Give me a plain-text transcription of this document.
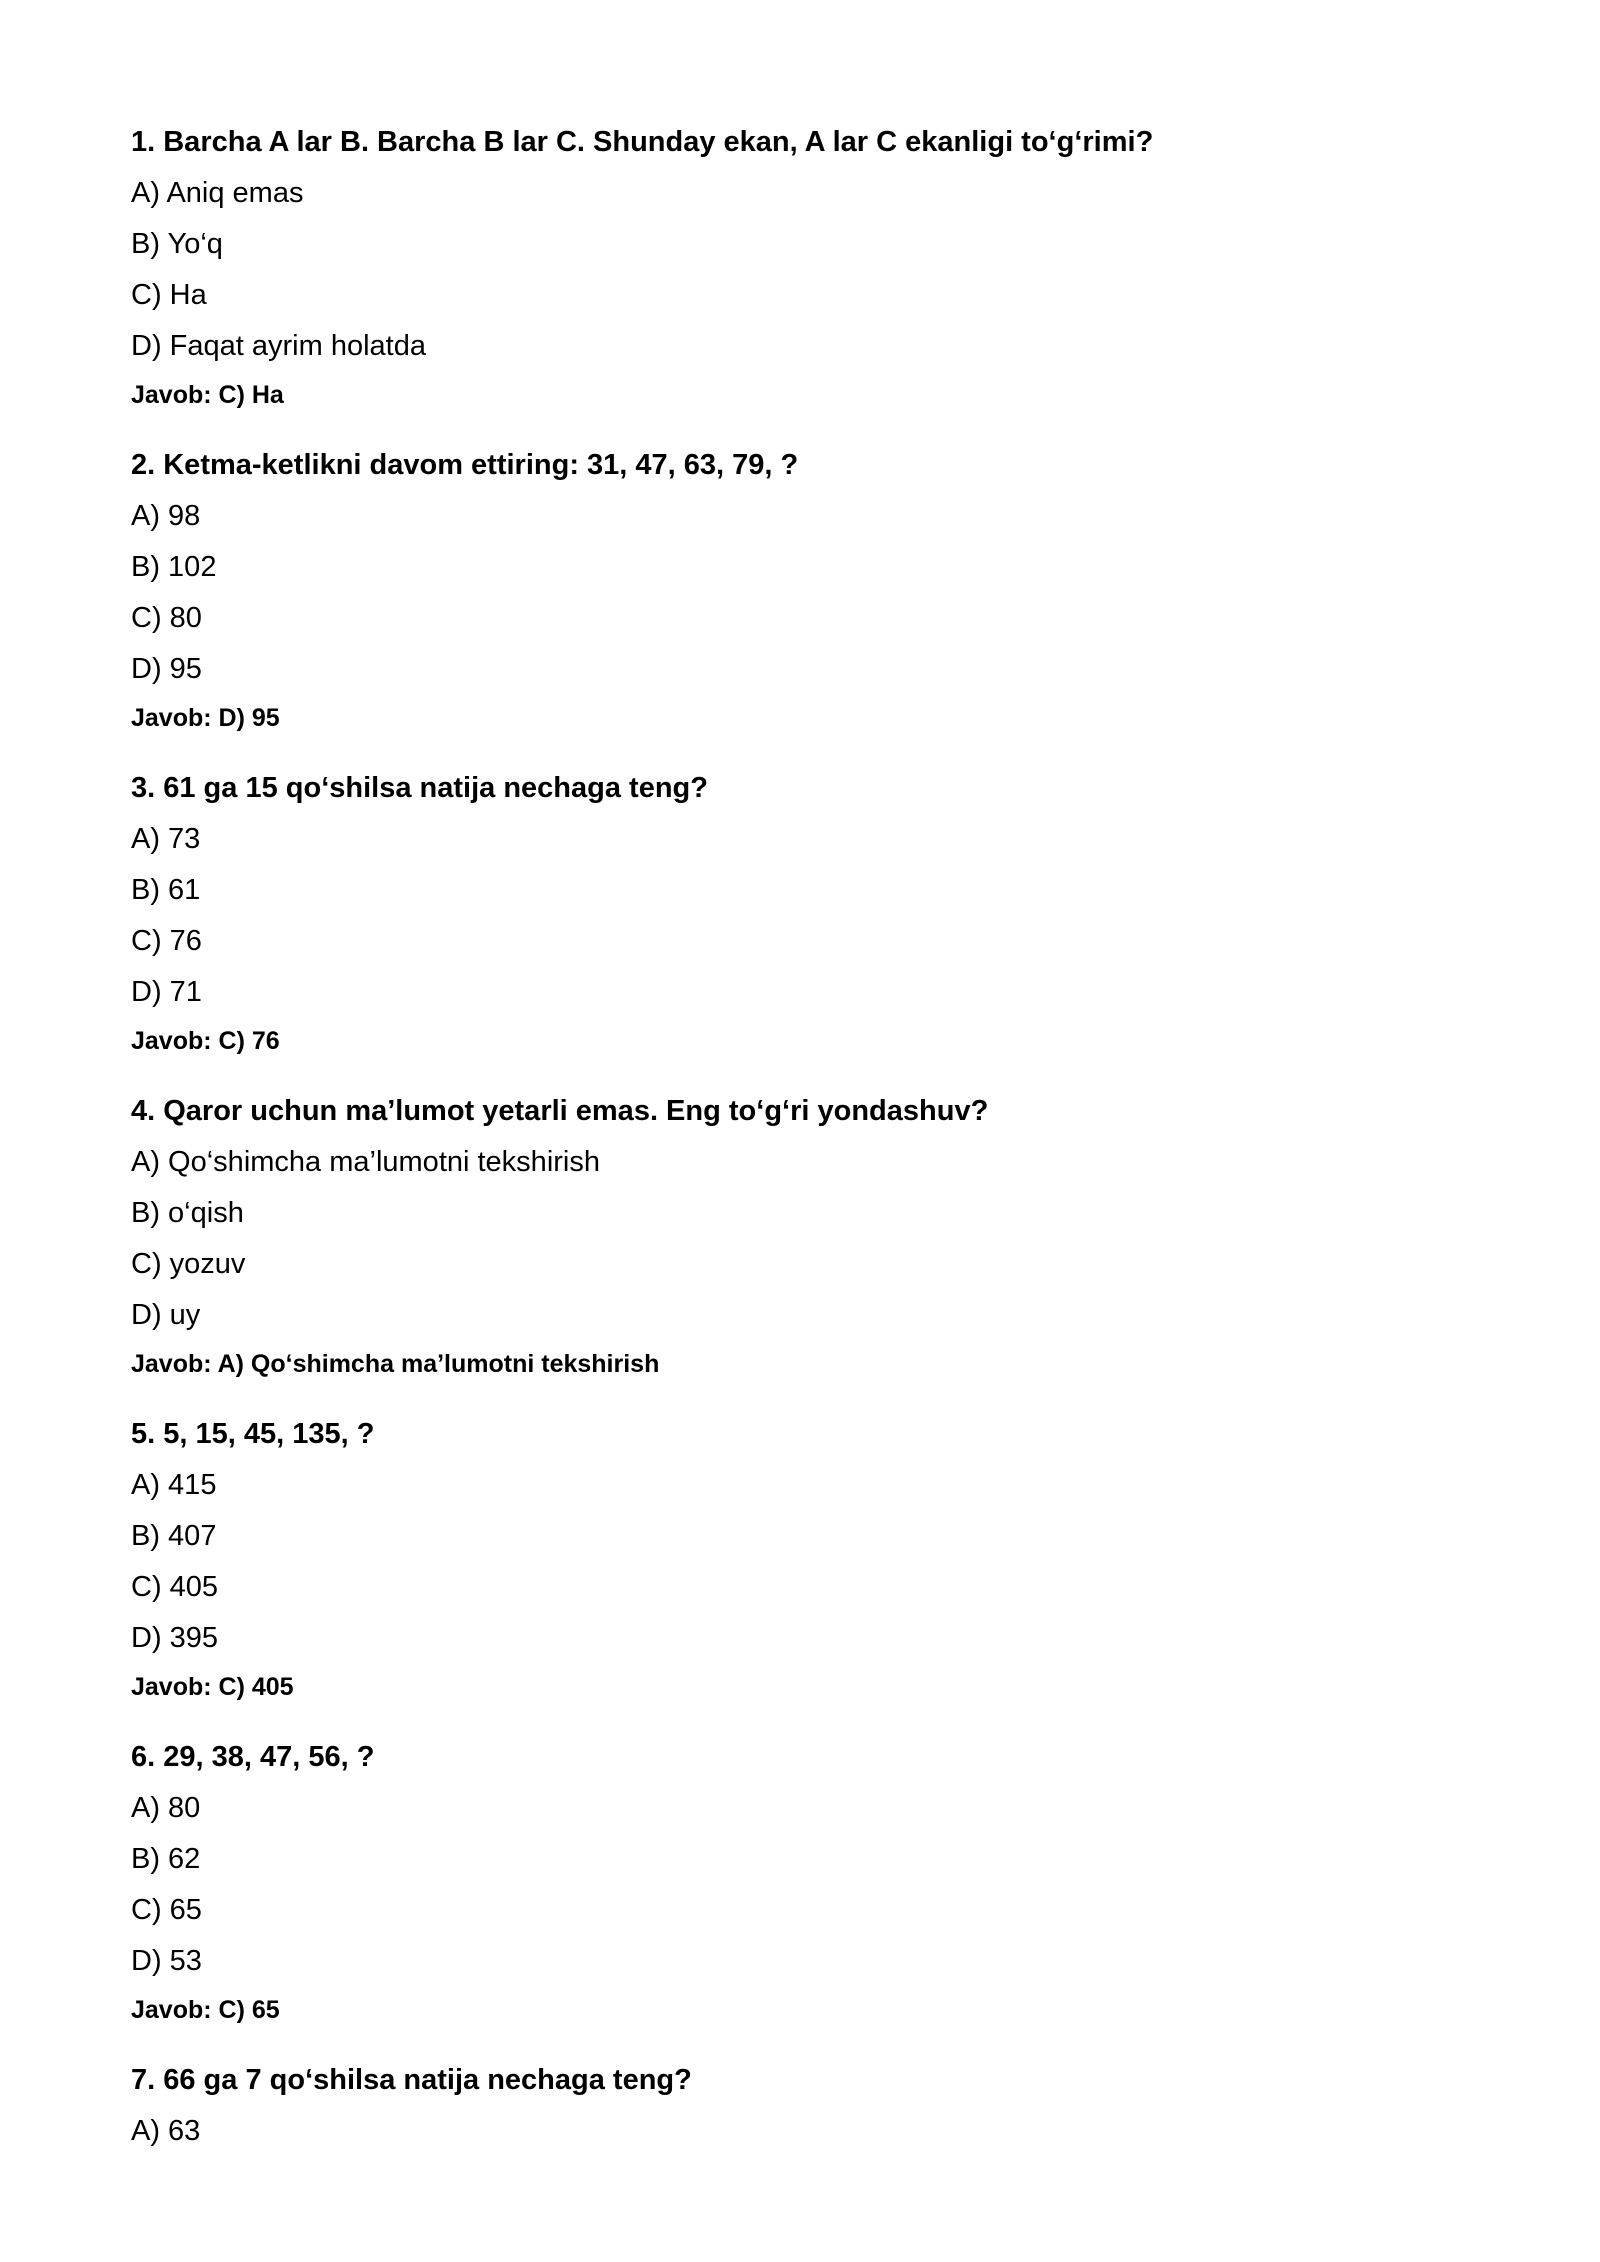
1. Barcha A lar B. Barcha B lar C. Shunday ekan, A lar C ekanligi to‘g‘rimi?
A) Aniq emas
B) Yo‘q
C) Ha
D) Faqat ayrim holatda
Javob: C) Ha
2. Ketma-ketlikni davom ettiring: 31, 47, 63, 79, ?
A) 98
B) 102
C) 80
D) 95
Javob: D) 95
3. 61 ga 15 qo‘shilsa natija nechaga teng?
A) 73
B) 61
C) 76
D) 71
Javob: C) 76
4. Qaror uchun ma’lumot yetarli emas. Eng to‘g‘ri yondashuv?
A) Qo‘shimcha ma’lumotni tekshirish
B) o‘qish
C) yozuv
D) uy
Javob: A) Qo‘shimcha ma’lumotni tekshirish
5. 5, 15, 45, 135, ?
A) 415
B) 407
C) 405
D) 395
Javob: C) 405
6. 29, 38, 47, 56, ?
A) 80
B) 62
C) 65
D) 53
Javob: C) 65
7. 66 ga 7 qo‘shilsa natija nechaga teng?
A) 63
